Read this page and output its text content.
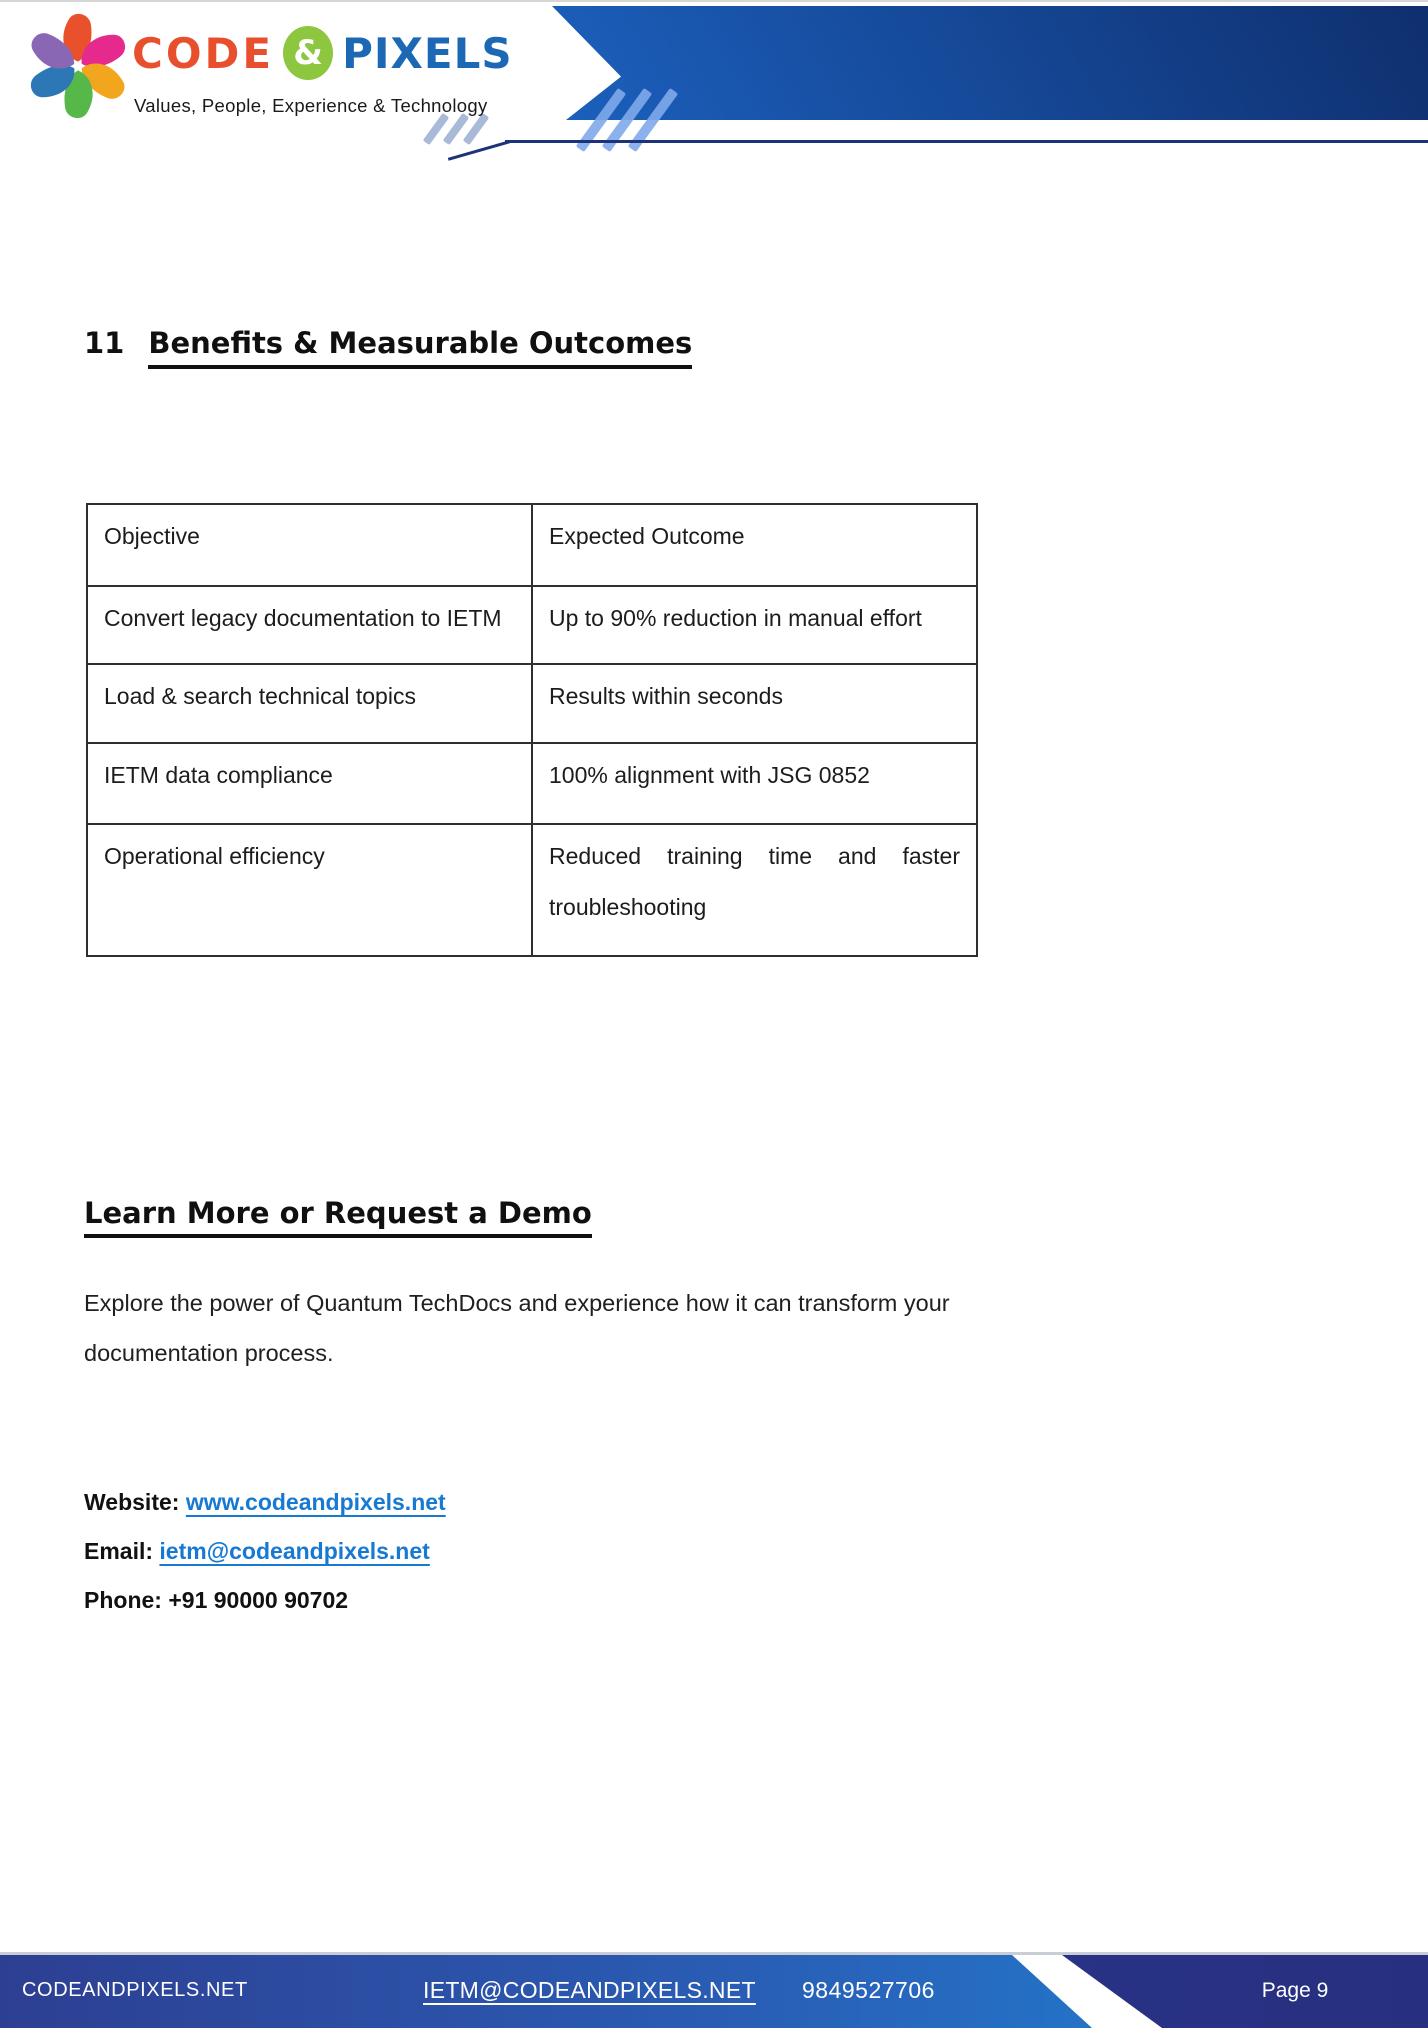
CODE & PIXELS
Values, People, Experience & Technology
11 Benefits & Measurable Outcomes
Objective	Expected Outcome
Convert legacy documentation to IETM	Up to 90% reduction in manual effort
Load & search technical topics	Results within seconds
IETM data compliance	100% alignment with JSG 0852
Operational efficiency	Reduced training time and faster
troubleshooting
Learn More or Request a Demo
Explore the power of Quantum TechDocs and experience how it can transform your
documentation process.
Website: www.codeandpixels.net
Email: ietm@codeandpixels.net
Phone: +91 90000 90702
CODEANDPIXELS.NET	IETM@CODEANDPIXELS.NET 9849527706	Page 9
